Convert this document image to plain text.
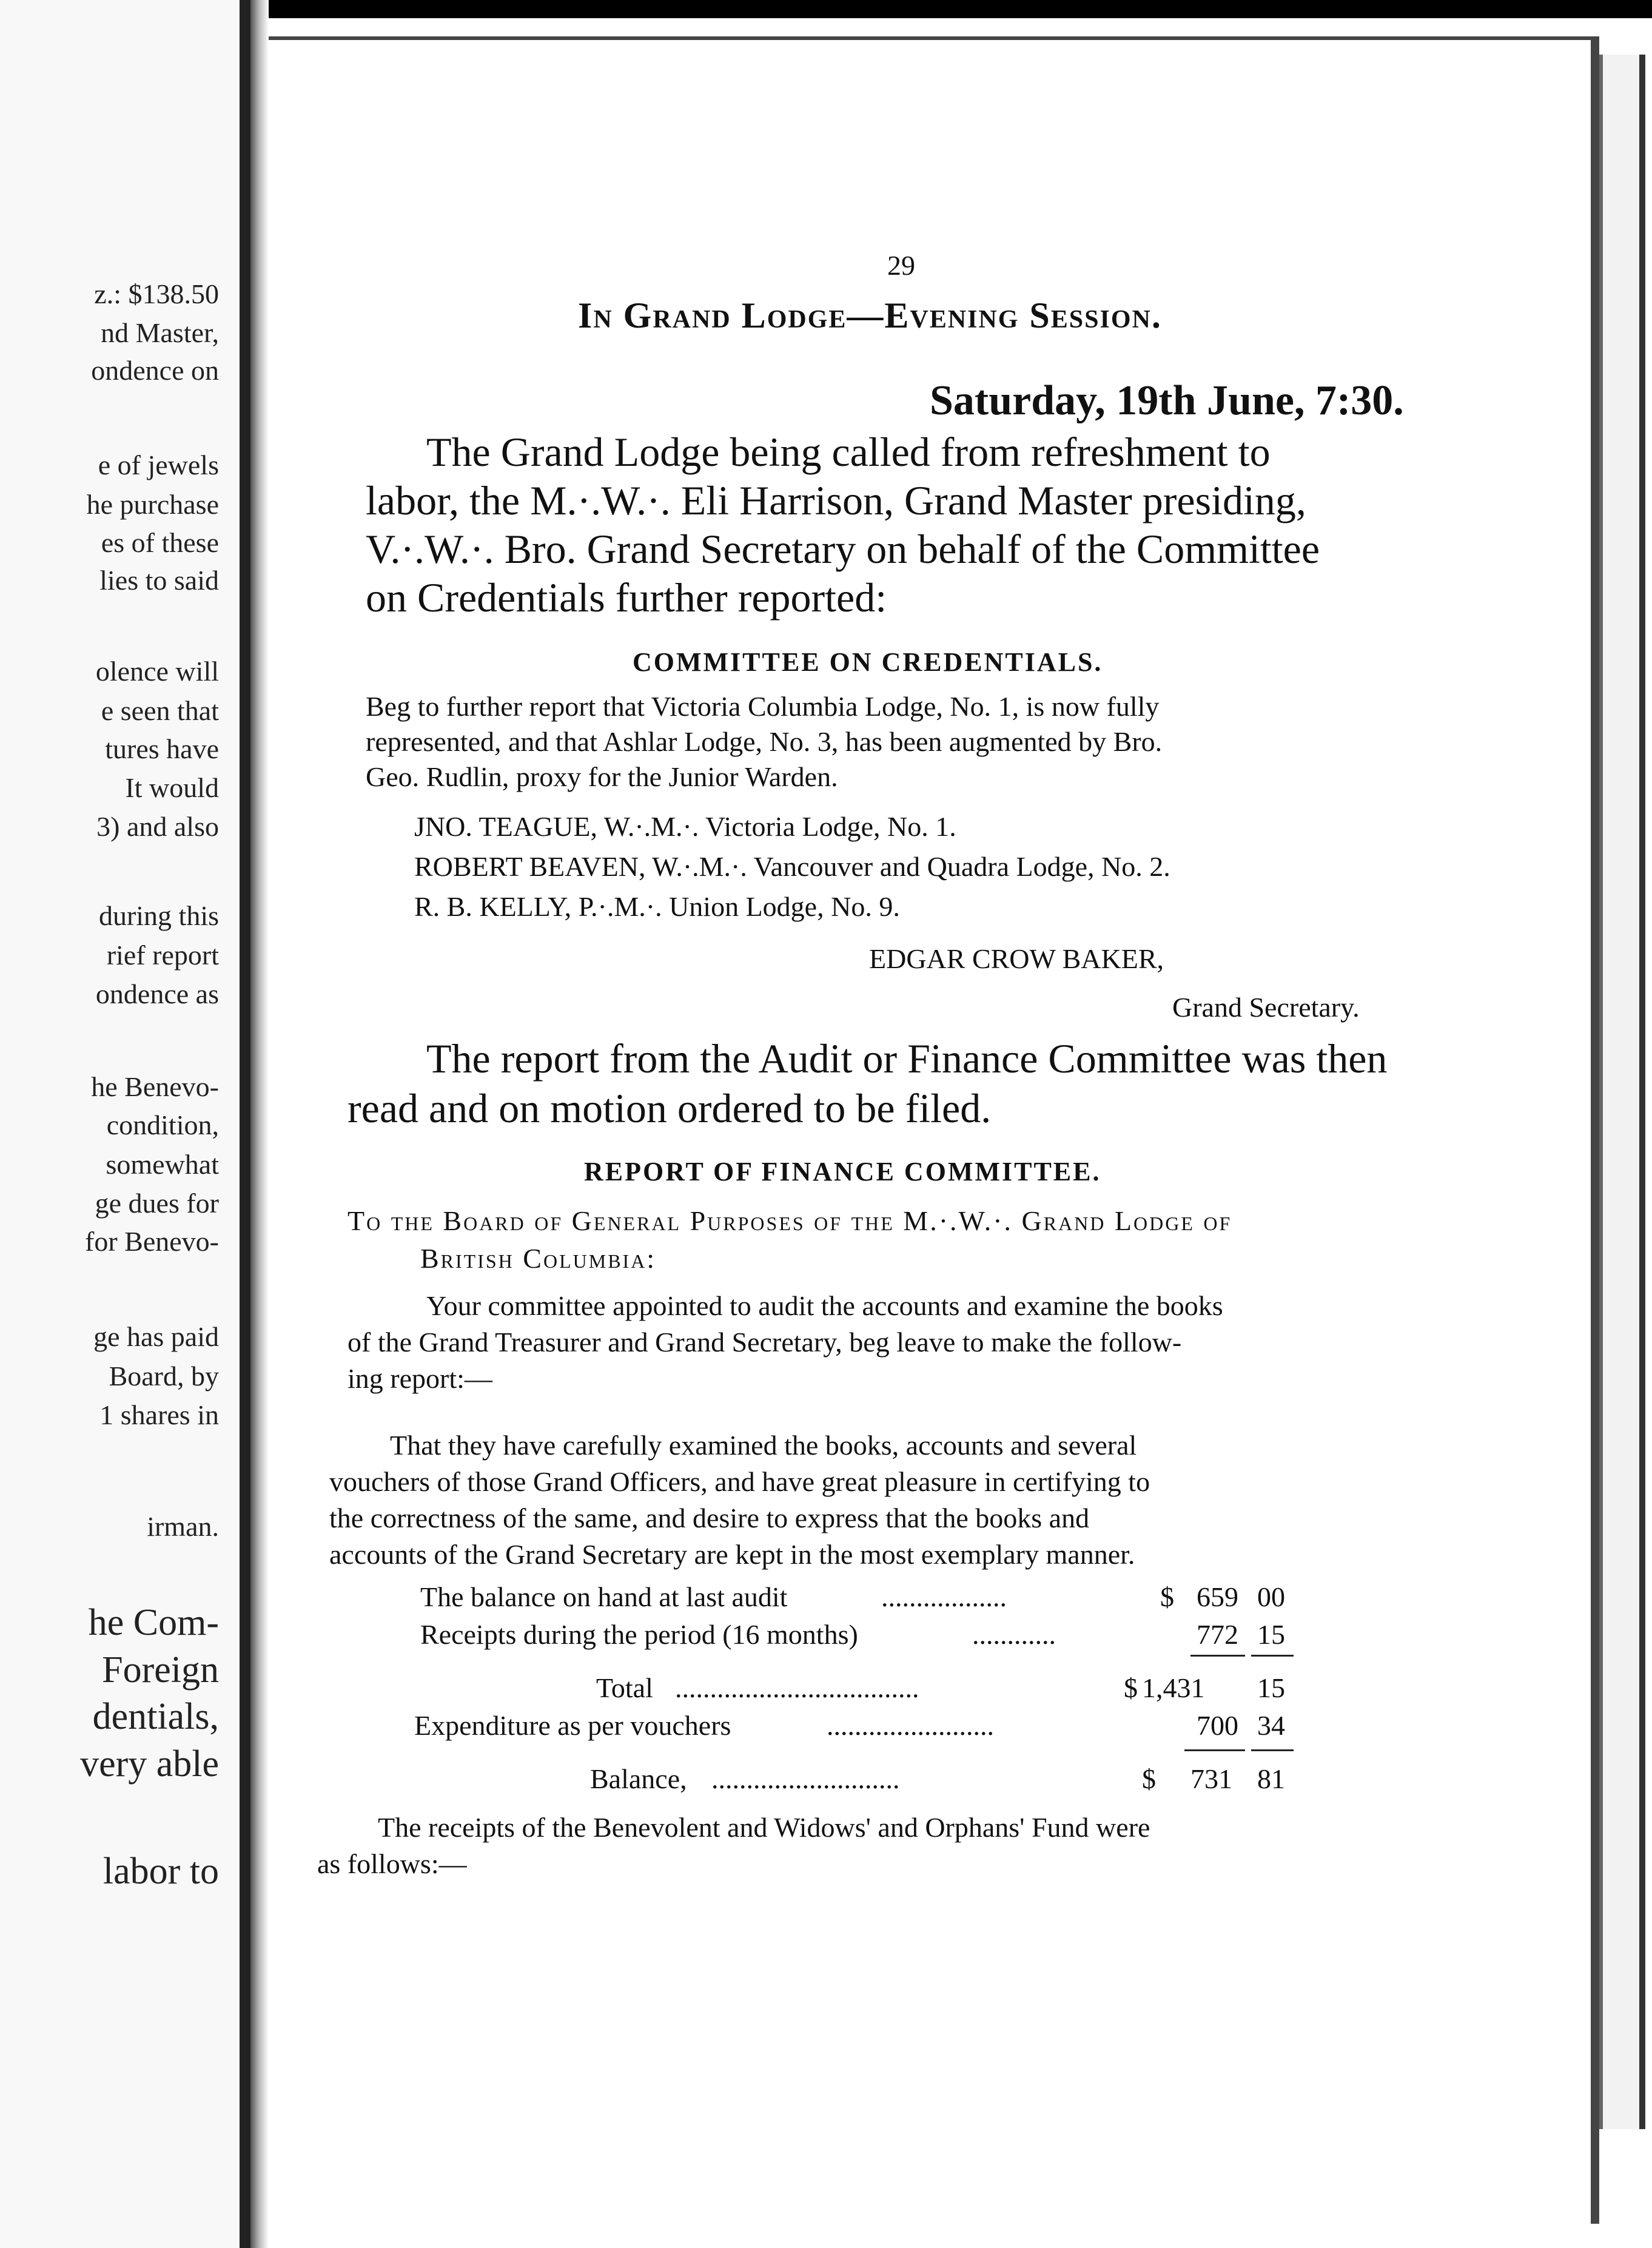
z.: $138.50
nd Master,
ondence on
e of jewels
he purchase
es of these
lies to said
olence will
e seen that
tures have
It would
3) and also
during this
rief report
ondence as
he Benevo-
condition,
somewhat
ge dues for
for Benevo-
ge has paid
Board, by
1 shares in
irman.
he Com-
Foreign
dentials,
very able
labor to
29
In Grand Lodge—Evening Session.
Saturday, 19th June, 7:30.
The Grand Lodge being called from refreshment to
labor, the M.·.W.·. Eli Harrison, Grand Master presiding,
V.·.W.·. Bro. Grand Secretary on behalf of the Committee
on Credentials further reported:
COMMITTEE ON CREDENTIALS.
Beg to further report that Victoria Columbia Lodge, No. 1, is now fully
represented, and that Ashlar Lodge, No. 3, has been augmented by Bro.
Geo. Rudlin, proxy for the Junior Warden.
JNO. TEAGUE, W.·.M.·. Victoria Lodge, No. 1.
ROBERT BEAVEN, W.·.M.·. Vancouver and Quadra Lodge, No. 2.
R. B. KELLY, P.·.M.·. Union Lodge, No. 9.
EDGAR CROW BAKER,
Grand Secretary.
The report from the Audit or Finance Committee was then
read and on motion ordered to be filed.
REPORT OF FINANCE COMMITTEE.
To the Board of General Purposes of the M.·.W.·. Grand Lodge of
British Columbia:
Your committee appointed to audit the accounts and examine the books
of the Grand Treasurer and Grand Secretary, beg leave to make the follow-
ing report:—
That they have carefully examined the books, accounts and several
vouchers of those Grand Officers, and have great pleasure in certifying to
the correctness of the same, and desire to express that the books and
accounts of the Grand Secretary are kept in the most exemplary manner.
The balance on hand at last audit	..................	$ 659 00
Receipts during the period (16 months)	............	772 15
Total ...................................	$ 1,431 15
Expenditure as per vouchers	........................	700 34
Balance, ...........................	$ 731 81
The receipts of the Benevolent and Widows' and Orphans' Fund were
as follows:—
